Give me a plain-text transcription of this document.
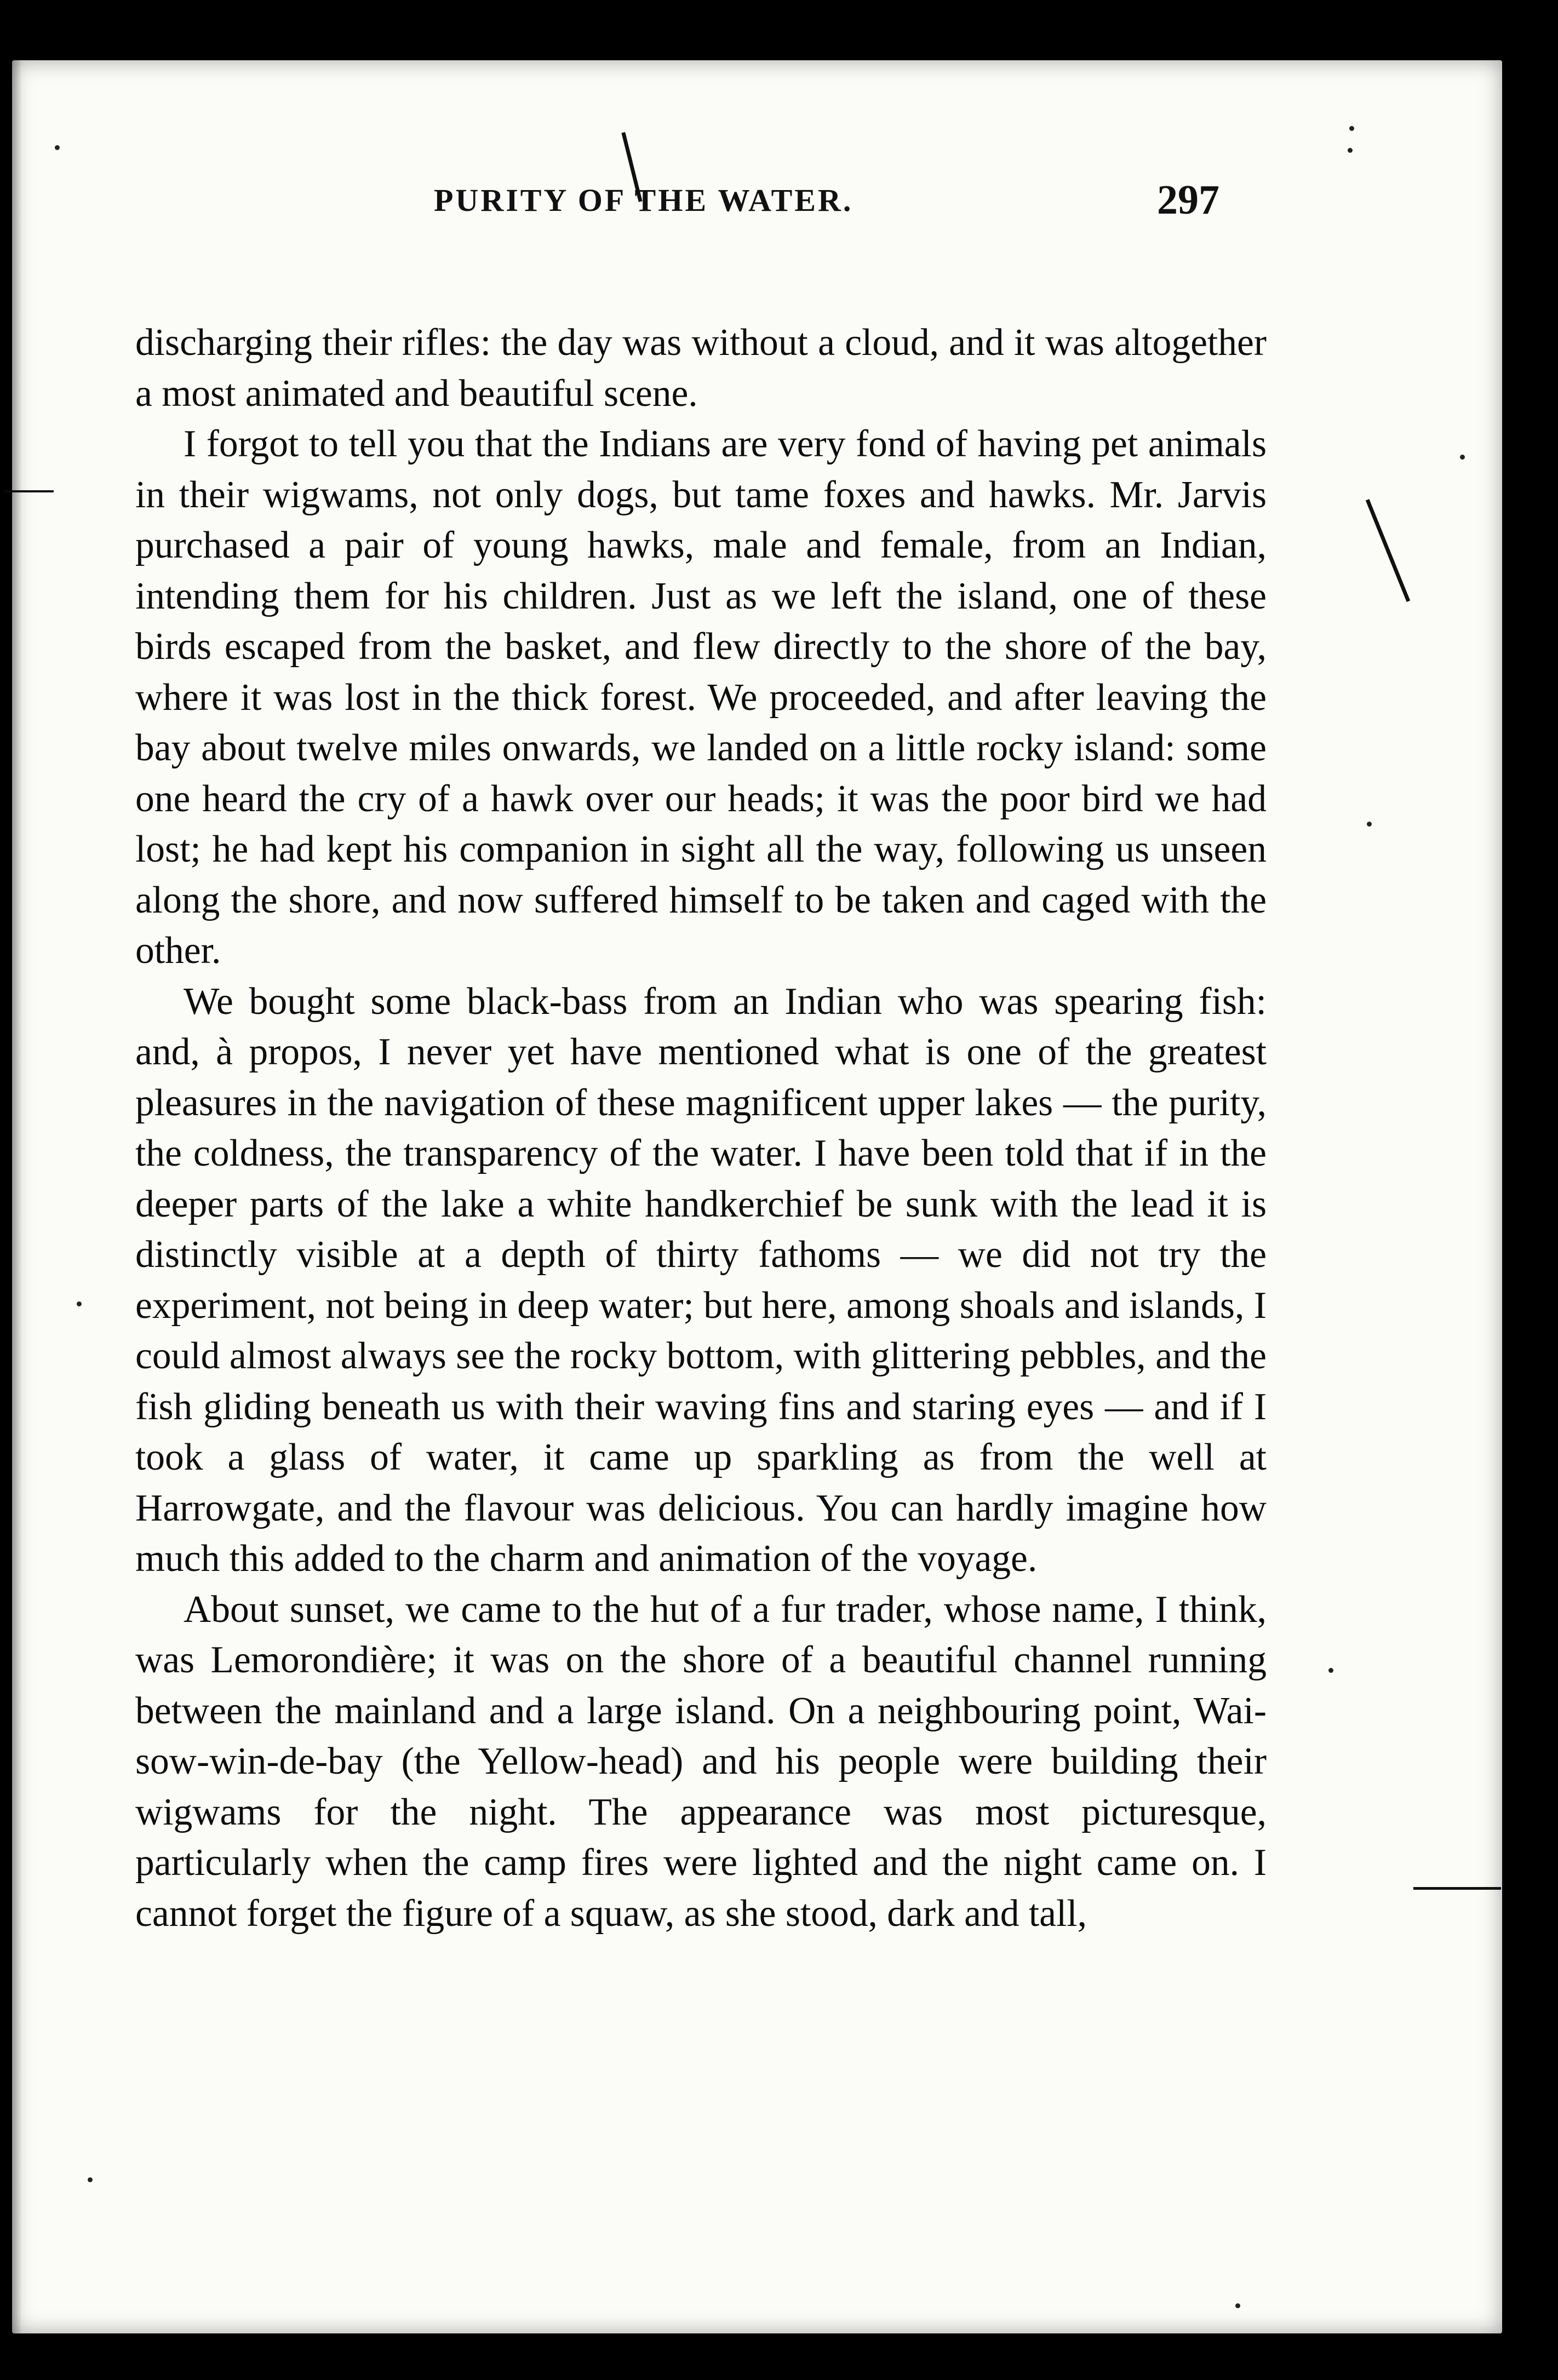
PURITY OF THE WATER.	297

discharging their rifles: the day was without a cloud, and it was altogether a most animated and beautiful scene.

I forgot to tell you that the Indians are very fond of having pet animals in their wigwams, not only dogs, but tame foxes and hawks. Mr. Jarvis purchased a pair of young hawks, male and female, from an Indian, intending them for his children. Just as we left the island, one of these birds escaped from the basket, and flew directly to the shore of the bay, where it was lost in the thick forest. We proceeded, and after leaving the bay about twelve miles onwards, we landed on a little rocky island: some one heard the cry of a hawk over our heads; it was the poor bird we had lost; he had kept his companion in sight all the way, following us unseen along the shore, and now suffered himself to be taken and caged with the other.

We bought some black-bass from an Indian who was spearing fish: and, à propos, I never yet have mentioned what is one of the greatest pleasures in the navigation of these magnificent upper lakes — the purity, the coldness, the transparency of the water. I have been told that if in the deeper parts of the lake a white handkerchief be sunk with the lead it is distinctly visible at a depth of thirty fathoms — we did not try the experiment, not being in deep water; but here, among shoals and islands, I could almost always see the rocky bottom, with glittering pebbles, and the fish gliding beneath us with their waving fins and staring eyes — and if I took a glass of water, it came up sparkling as from the well at Harrowgate, and the flavour was delicious. You can hardly imagine how much this added to the charm and animation of the voyage.

About sunset, we came to the hut of a fur trader, whose name, I think, was Lemorondière; it was on the shore of a beautiful channel running between the mainland and a large island. On a neighbouring point, Wai-sow-win-de-bay (the Yellow-head) and his people were building their wigwams for the night. The appearance was most picturesque, particularly when the camp fires were lighted and the night came on. I cannot forget the figure of a squaw, as she stood, dark and tall,
